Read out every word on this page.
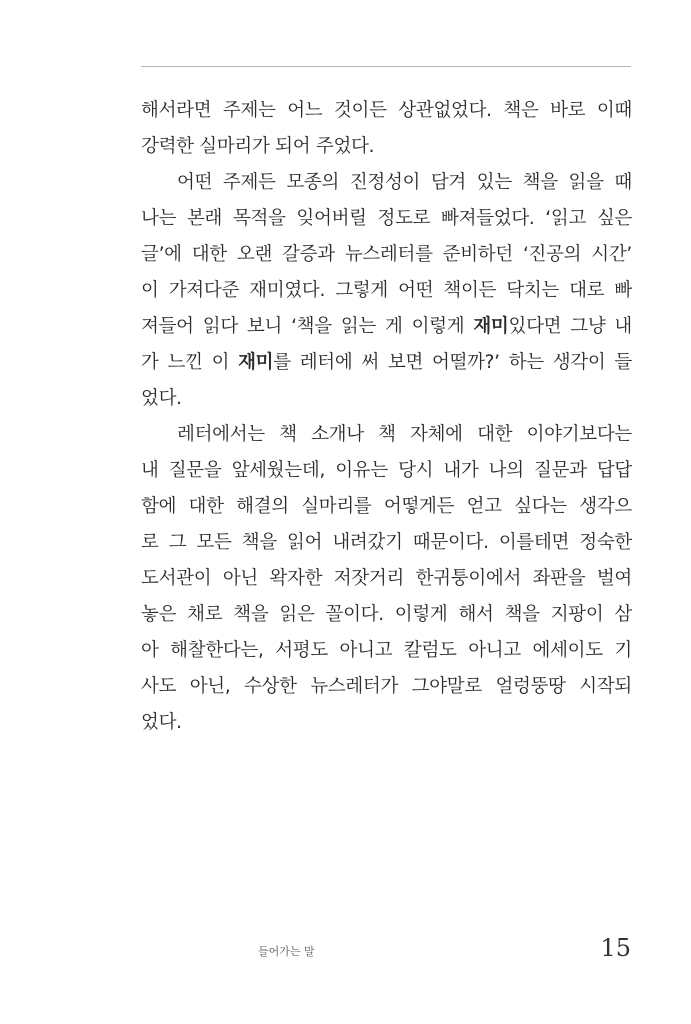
해서라면 주제는 어느 것이든 상관없었다. 책은 바로 이때
강력한 실마리가 되어 주었다.
어떤 주제든 모종의 진정성이 담겨 있는 책을 읽을 때
나는 본래 목적을 잊어버릴 정도로 빠져들었다. ‘읽고 싶은
글’에 대한 오랜 갈증과 뉴스레터를 준비하던 ‘진공의 시간’
이 가져다준 재미였다. 그렇게 어떤 책이든 닥치는 대로 빠
져들어 읽다 보니 ‘책을 읽는 게 이렇게 재미있다면 그냥 내
가 느낀 이 재미를 레터에 써 보면 어떨까?’ 하는 생각이 들
었다.
레터에서는 책 소개나 책 자체에 대한 이야기보다는
내 질문을 앞세웠는데, 이유는 당시 내가 나의 질문과 답답
함에 대한 해결의 실마리를 어떻게든 얻고 싶다는 생각으
로 그 모든 책을 읽어 내려갔기 때문이다. 이를테면 정숙한
도서관이 아닌 왁자한 저잣거리 한귀퉁이에서 좌판을 벌여
놓은 채로 책을 읽은 꼴이다. 이렇게 해서 책을 지팡이 삼
아 해찰한다는, 서평도 아니고 칼럼도 아니고 에세이도 기
사도 아닌, 수상한 뉴스레터가 그야말로 얼렁뚱땅 시작되
었다.
들어가는 말	15
